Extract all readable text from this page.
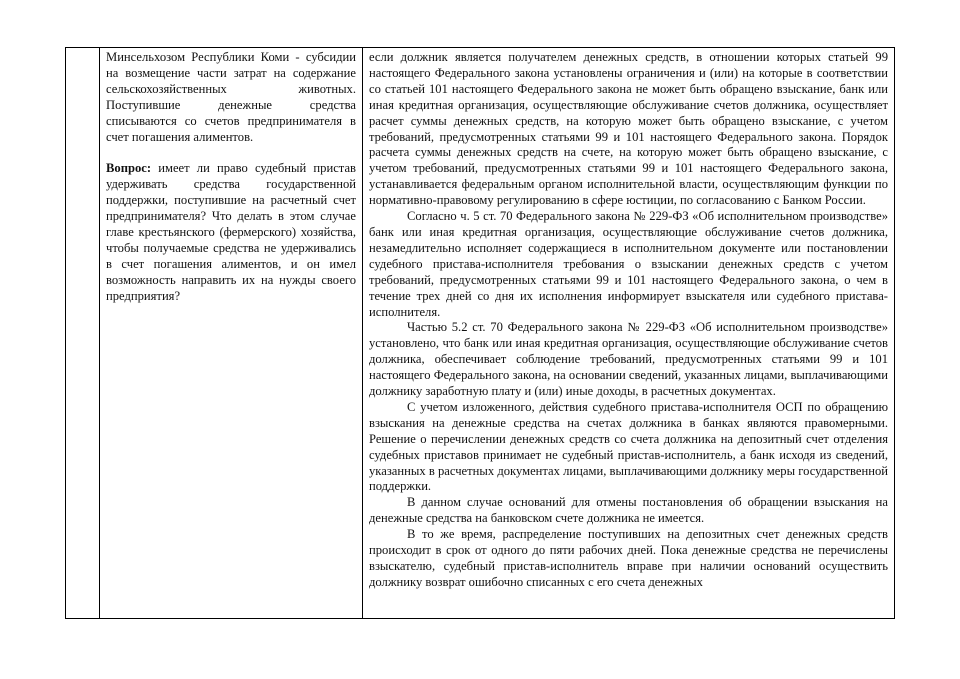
Минсельхозом Республики Коми - субсидии на возмещение части затрат на содержание сельскохозяйственных животных. Поступившие денежные средства списываются со счетов предпринимателя в счет погашения алиментов.

Вопрос: имеет ли право судебный пристав удерживать средства государственной поддержки, поступившие на расчетный счет предпринимателя? Что делать в этом случае главе крестьянского (фермерского) хозяйства, чтобы получаемые средства не удерживались в счет погашения алиментов, и он имел возможность направить их на нужды своего предприятия?

если должник является получателем денежных средств, в отношении которых статьей 99 настоящего Федерального закона установлены ограничения и (или) на которые в соответствии со статьей 101 настоящего Федерального закона не может быть обращено взыскание, банк или иная кредитная организация, осуществляющие обслуживание счетов должника, осуществляет расчет суммы денежных средств, на которую может быть обращено взыскание, с учетом требований, предусмотренных статьями 99 и 101 настоящего Федерального закона. Порядок расчета суммы денежных средств на счете, на которую может быть обращено взыскание, с учетом требований, предусмотренных статьями 99 и 101 настоящего Федерального закона, устанавливается федеральным органом исполнительной власти, осуществляющим функции по нормативно-правовому регулированию в сфере юстиции, по согласованию с Банком России.

Согласно ч. 5 ст. 70 Федерального закона № 229-ФЗ «Об исполнительном производстве» банк или иная кредитная организация, осуществляющие обслуживание счетов должника, незамедлительно исполняет содержащиеся в исполнительном документе или постановлении судебного пристава-исполнителя требования о взыскании денежных средств с учетом требований, предусмотренных статьями 99 и 101 настоящего Федерального закона, о чем в течение трех дней со дня их исполнения информирует взыскателя или судебного пристава-исполнителя.

Частью 5.2 ст. 70 Федерального закона № 229-ФЗ «Об исполнительном производстве» установлено, что банк или иная кредитная организация, осуществляющие обслуживание счетов должника, обеспечивает соблюдение требований, предусмотренных статьями 99 и 101 настоящего Федерального закона, на основании сведений, указанных лицами, выплачивающими должнику заработную плату и (или) иные доходы, в расчетных документах.

С учетом изложенного, действия судебного пристава-исполнителя ОСП по обращению взыскания на денежные средства на счетах должника в банках являются правомерными. Решение о перечислении денежных средств со счета должника на депозитный счет отделения судебных приставов принимает не судебный пристав-исполнитель, а банк исходя из сведений, указанных в расчетных документах лицами, выплачивающими должнику меры государственной поддержки.

В данном случае оснований для отмены постановления об обращении взыскания на денежные средства на банковском счете должника не имеется.

В то же время, распределение поступивших на депозитных счет денежных средств происходит в срок от одного до пяти рабочих дней. Пока денежные средства не перечислены взыскателю, судебный пристав-исполнитель вправе при наличии оснований осуществить должнику возврат ошибочно списанных с его счета денежных
